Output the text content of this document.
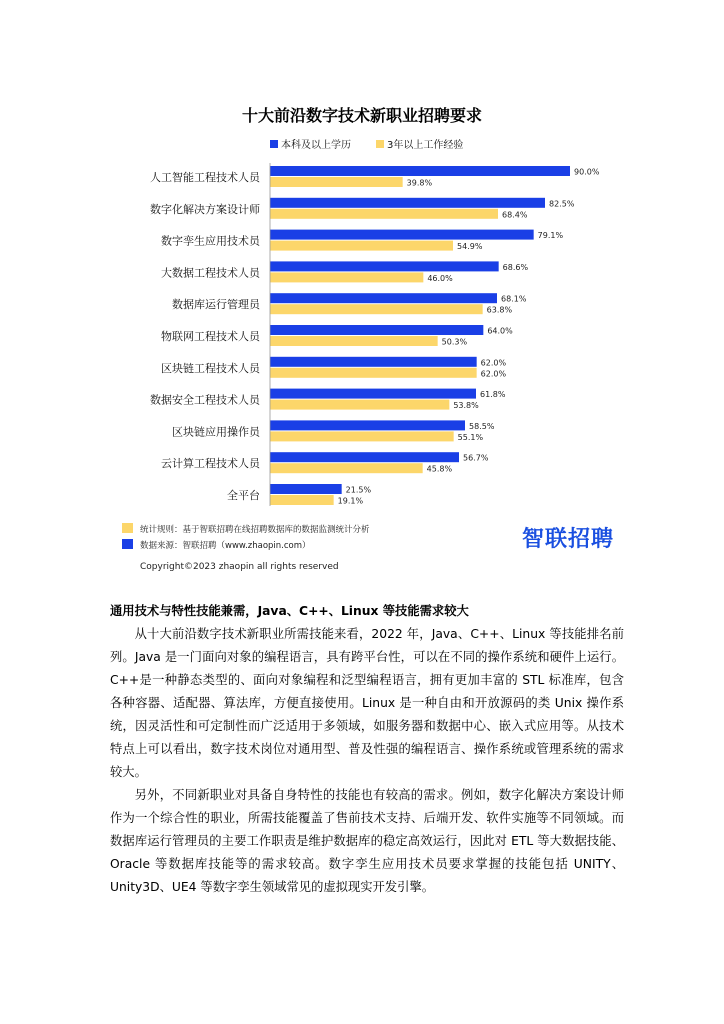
十大前沿数字技术新职业招聘要求
本科及以上学历	3年以上工作经验
人工智能工程技术人员	90.0%
39.8%
数字化解决方案设计师	82.5%
68.4%
数字孪生应用技术员	79.1%
54.9%
大数据工程技术人员	68.6%
46.0%
数据库运行管理员	68.1%
63.8%
物联网工程技术人员	64.0%
50.3%
区块链工程技术人员	62.0%
62.0%
数据安全工程技术人员	61.8%
53.8%
区块链应用操作员	58.5%
55.1%
云计算工程技术人员	56.7%
45.8%
全平台	21.5%
19.1%
统计规则：基于智联招聘在线招聘数据库的数据监测统计分析
数据来源：智联招聘（www.zhaopin.com）	智联招聘

Copyright©2023 zhaopin all rights reserved

通用技术与特性技能兼需，Java、C++、Linux 等技能需求较大

从十大前沿数字技术新职业所需技能来看，2022 年，Java、C++、Linux 等技能排名前列。Java 是一门面向对象的编程语言，具有跨平台性，可以在不同的操作系统和硬件上运行。C++是一种静态类型的、面向对象编程和泛型编程语言，拥有更加丰富的 STL 标准库，包含各种容器、适配器、算法库，方便直接使用。Linux 是一种自由和开放源码的类 Unix 操作系统，因灵活性和可定制性而广泛适用于多领域，如服务器和数据中心、嵌入式应用等。从技术特点上可以看出，数字技术岗位对通用型、普及性强的编程语言、操作系统或管理系统的需求较大。

另外，不同新职业对具备自身特性的技能也有较高的需求。例如，数字化解决方案设计师作为一个综合性的职业，所需技能覆盖了售前技术支持、后端开发、软件实施等不同领域。而数据库运行管理员的主要工作职责是维护数据库的稳定高效运行，因此对 ETL 等大数据技能、Oracle 等数据库技能等的需求较高。数字孪生应用技术员要求掌握的技能包括 UNITY、Unity3D、UE4 等数字孪生领域常见的虚拟现实开发引擎。
